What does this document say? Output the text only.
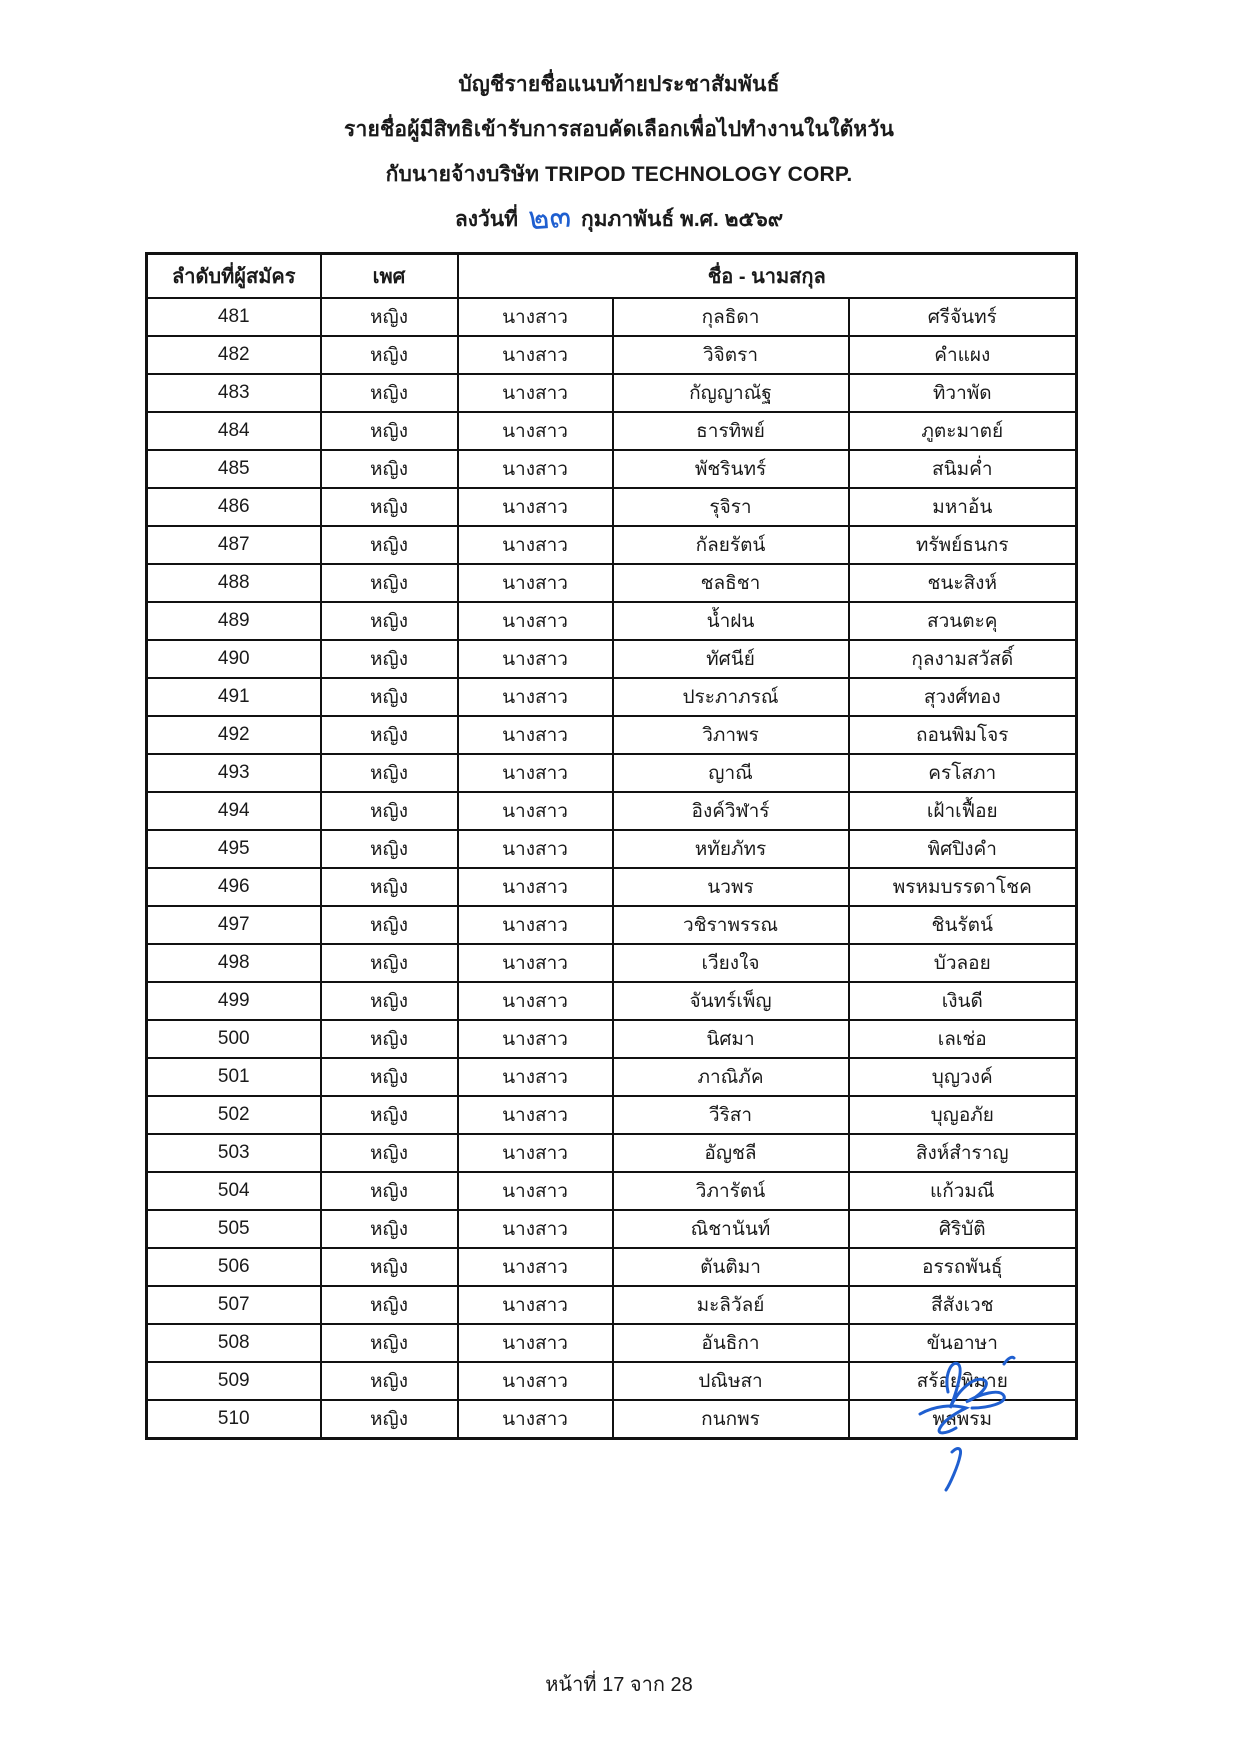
บัญชีรายชื่อแนบท้ายประชาสัมพันธ์
รายชื่อผู้มีสิทธิเข้ารับการสอบคัดเลือกเพื่อไปทำงานในใต้หวัน
กับนายจ้างบริษัท TRIPOD TECHNOLOGY CORP.
ลงวันที่ ๒๓ กุมภาพันธ์ พ.ศ. ๒๕๖๙
ลำดับที่ผู้สมัคร	เพศ	ชื่อ - นามสกุล		
481	หญิง	นางสาว	กุลธิดา	ศรีจันทร์
482	หญิง	นางสาว	วิจิตรา	คำแผง
483	หญิง	นางสาว	กัญญาณัฐ	ทิวาพัด
484	หญิง	นางสาว	ธารทิพย์	ภูตะมาตย์
485	หญิง	นางสาว	พัชรินทร์	สนิมค่ำ
486	หญิง	นางสาว	รุจิรา	มหาอ้น
487	หญิง	นางสาว	กัลยรัตน์	ทรัพย์ธนกร
488	หญิง	นางสาว	ชลธิชา	ชนะสิงห์
489	หญิง	นางสาว	น้ำฝน	สวนตะคุ
490	หญิง	นางสาว	ทัศนีย์	กุลงามสวัสดิ์
491	หญิง	นางสาว	ประภาภรณ์	สุวงศ์ทอง
492	หญิง	นางสาว	วิภาพร	ถอนพิมโจร
493	หญิง	นางสาว	ญาณี	ครโสภา
494	หญิง	นางสาว	อิงค์วิฬาร์	เฝ้าเฟื้อย
495	หญิง	นางสาว	หทัยภัทร	พิศปิงคำ
496	หญิง	นางสาว	นวพร	พรหมบรรดาโชค
497	หญิง	นางสาว	วชิราพรรณ	ชินรัตน์
498	หญิง	นางสาว	เวียงใจ	บัวลอย
499	หญิง	นางสาว	จันทร์เพ็ญ	เงินดี
500	หญิง	นางสาว	นิศมา	เลเช่อ
501	หญิง	นางสาว	ภาณิภัค	บุญวงค์
502	หญิง	นางสาว	วีริสา	บุญอภัย
503	หญิง	นางสาว	อัญชลี	สิงห์สำราญ
504	หญิง	นางสาว	วิภารัตน์	แก้วมณี
505	หญิง	นางสาว	ณิชานันท์	ศิริบัติ
506	หญิง	นางสาว	ตันติมา	อรรถพันธุ์
507	หญิง	นางสาว	มะลิวัลย์	สีสังเวช
508	หญิง	นางสาว	อันธิกา	ขันอาษา
509	หญิง	นางสาว	ปณิษสา	สร้อยพิมาย
510	หญิง	นางสาว	กนกพร	พลพรม
หน้าที่ 17 จาก 28
